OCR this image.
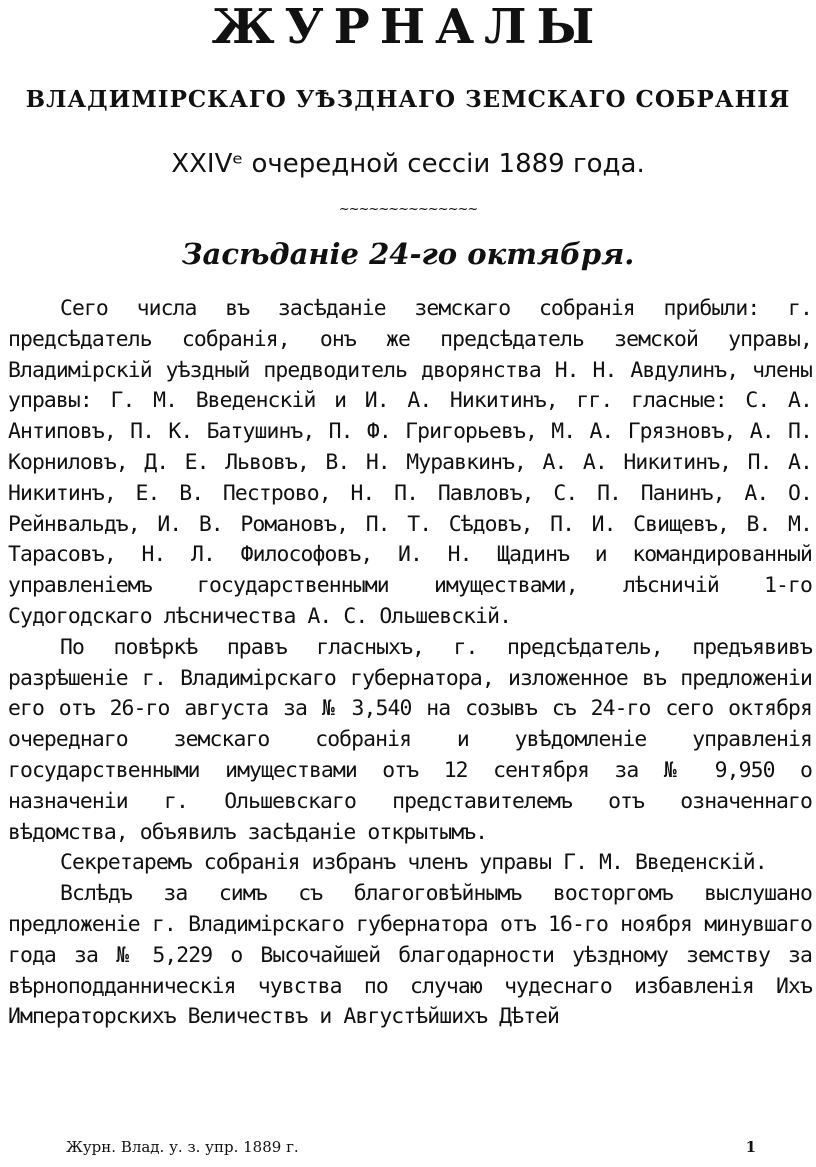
ЖУРНАЛЫ
ВЛАДИМІРСКАГО УѢЗДНАГО ЗЕМСКАГО СОБРАНІЯ
XXIVᵉ очередной сессіи 1889 года.
~~~~~~~~~~~~~~
Засѣданіе 24-го октября.

Сего числа въ засѣданіе земскаго собранія прибыли: г. предсѣдатель собранія, онъ же предсѣдатель земской управы, Владимірскій уѣздный предводитель дворянства Н. Н. Авдулинъ, члены управы: Г. М. Введенскій и И. А. Никитинъ, гг. гласные: С. А. Антиповъ, П. К. Батушинъ, П. Ф. Григорьевъ, М. А. Грязновъ, А. П. Корниловъ, Д. Е. Львовъ, В. Н. Муравкинъ, А. А. Никитинъ, П. А. Никитинъ, Е. В. Пестрово, Н. П. Павловъ, С. П. Панинъ, А. О. Рейнвальдъ, И. В. Романовъ, П. Т. Сѣдовъ, П. И. Свищевъ, В. М. Тарасовъ, Н. Л. Философовъ, И. Н. Щадинъ и командированный управленіемъ государственными имуществами, лѣсничій 1-го Судогодскаго лѣсничества А. С. Ольшевскій.

По повѣркѣ правъ гласныхъ, г. предсѣдатель, предъявивъ разрѣшеніе г. Владимірскаго губернатора, изложенное въ предложеніи его отъ 26-го августа за № 3,540 на созывъ съ 24-го сего октября очереднаго земскаго собранія и увѣдомленіе управленія государственными имуществами отъ 12 сентября за № 9,950 о назначеніи г. Ольшевскаго представителемъ отъ означеннаго вѣдомства, объявилъ засѣданіе открытымъ.

Секретаремъ собранія избранъ членъ управы Г. М. Введенскій.

Вслѣдъ за симъ съ благоговѣйнымъ восторгомъ выслушано предложеніе г. Владимірскаго губернатора отъ 16-го ноября минувшаго года за № 5,229 о Высочайшей благодарности уѣздному земству за вѣрноподданническія чувства по случаю чудеснаго избавленія Ихъ Императорскихъ Величествъ и Августѣйшихъ Дѣтей

Журн. Влад. у. з. упр. 1889 г.	1
